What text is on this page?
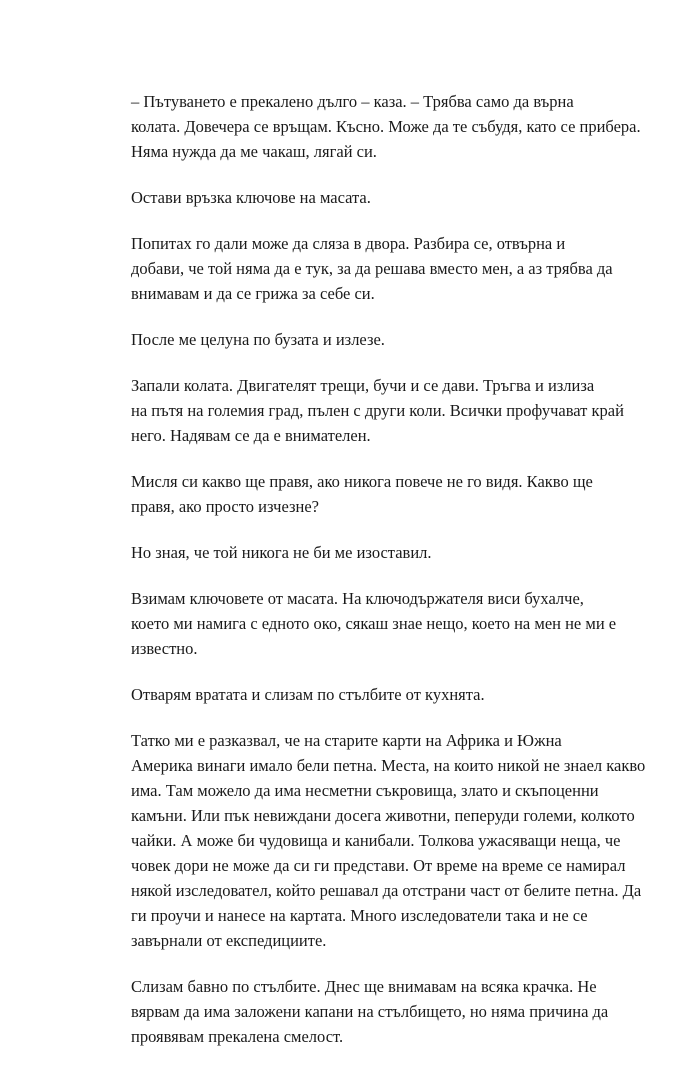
– Пътуването е прекалено дълго – каза. – Трябва само да върна
колата. Довечера се връщам. Късно. Може да те събудя, като се прибера.
Няма нужда да ме чакаш, лягай си.

Остави връзка ключове на масата.

Попитах го дали може да сляза в двора. Разбира се, отвърна и
добави, че той няма да е тук, за да решава вместо мен, а аз трябва да
внимавам и да се грижа за себе си.

После ме целуна по бузата и излезе.

Запали колата. Двигателят трещи, бучи и се дави. Тръгва и излиза
на пътя на големия град, пълен с други коли. Всички профучават край
него. Надявам се да е внимателен.

Мисля си какво ще правя, ако никога повече не го видя. Какво ще
правя, ако просто изчезне?

Но зная, че той никога не би ме изоставил.

Взимам ключовете от масата. На ключодържателя виси бухалче,
което ми намига с едното око, сякаш знае нещо, което на мен не ми е
известно.

Отварям вратата и слизам по стълбите от кухнята.

Татко ми е разказвал, че на старите карти на Африка и Южна
Америка винаги имало бели петна. Места, на които никой не знаел какво
има. Там можело да има несметни съкровища, злато и скъпоценни
камъни. Или пък невиждани досега животни, пеперуди големи, колкото
чайки. А може би чудовища и канибали. Толкова ужасяващи неща, че
човек дори не може да си ги представи. От време на време се намирал
някой изследовател, който решавал да отстрани част от белите петна. Да
ги проучи и нанесе на картата. Много изследователи така и не се
завърнали от експедициите.

Слизам бавно по стълбите. Днес ще внимавам на всяка крачка. Не
вярвам да има заложени капани на стълбището, но няма причина да
проявявам прекалена смелост.
